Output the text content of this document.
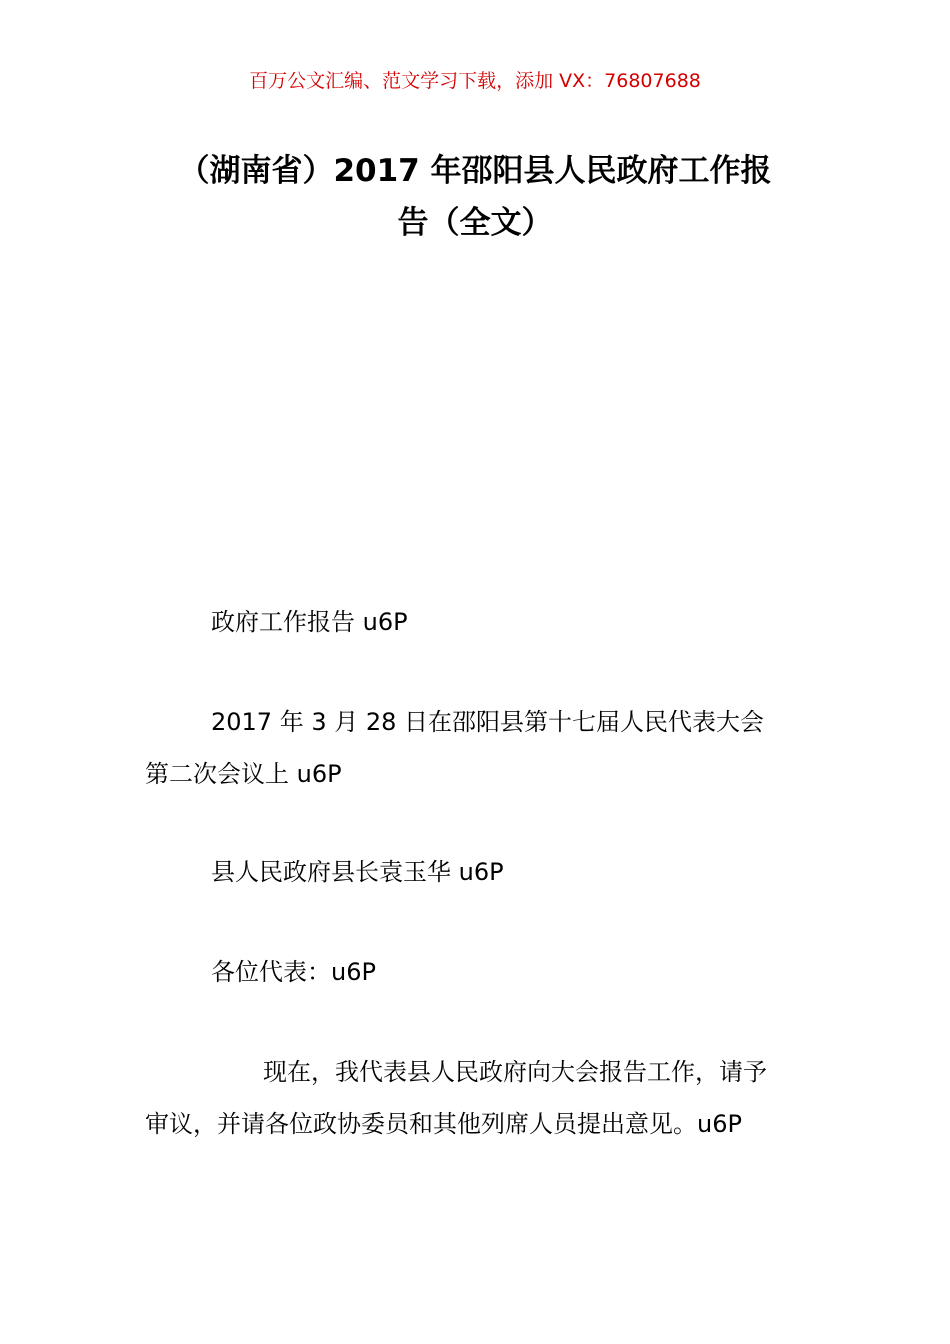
百万公文汇编、范文学习下载，添加 VX：76807688
（湖南省）2017 年邵阳县人民政府工作报
告（全文）

政府工作报告 u6P

2017 年 3 月 28 日在邵阳县第十七届人民代表大会
第二次会议上 u6P

县人民政府县长袁玉华 u6P

各位代表：u6P

现在，我代表县人民政府向大会报告工作，请予
审议，并请各位政协委员和其他列席人员提出意见。u6P
